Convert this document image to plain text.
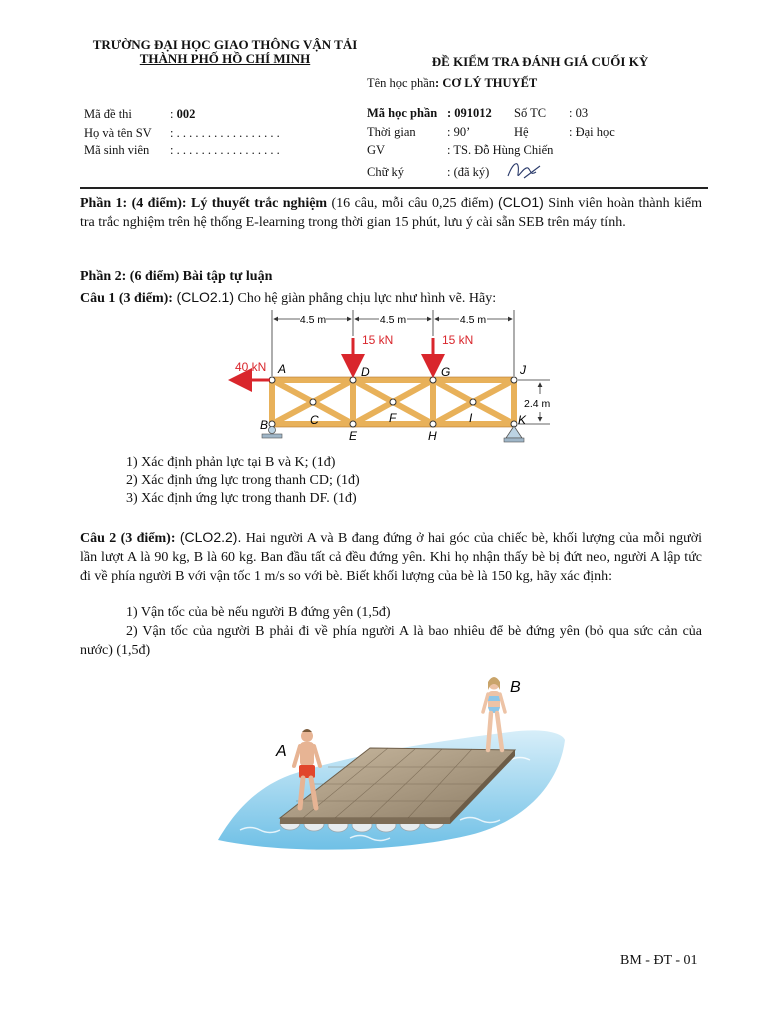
TRƯỜNG ĐẠI HỌC GIAO THÔNG VẬN TẢI
THÀNH PHỐ HỒ CHÍ MINH	ĐỀ KIỂM TRA ĐÁNH GIÁ CUỐI KỲ
Tên học phần: CƠ LÝ THUYẾT
Mã đề thi	: 002
Họ và tên SV : . . . . . . . . . . . . . . . . .
Mã sinh viên : . . . . . . . . . . . . . . . . .
Mã học phần : 091012 Số TC : 03
Thời gian	: 90’	Hệ	: Đại học
GV	: TS. Đỗ Hùng Chiến
Chữ ký	: (đã ký)
Phần 1: (4 điểm): Lý thuyết trắc nghiệm (16 câu, mỗi câu 0,25 điểm) (CLO1) Sinh viên hoàn thành kiểm tra trắc nghiệm trên hệ thống E-learning trong thời gian 15 phút, lưu ý cài sẵn SEB trên máy tính.
Phần 2: (6 điểm) Bài tập tự luận
Câu 1 (3 điểm): (CLO2.1) Cho hệ giàn phẳng chịu lực như hình vẽ. Hãy:
4.5 m	4.5 m	4.5 m
2.4 m
40 kN
15 kN	15 kN
A	D	G	J
B	C
E
F
H
I	K
1) Xác định phản lực tại B và K; (1đ)
2) Xác định ứng lực trong thanh CD; (1đ)
3) Xác định ứng lực trong thanh DF. (1đ)
Câu 2 (3 điểm): (CLO2.2). Hai người A và B đang đứng ở hai góc của chiếc bè, khối lượng của mỗi người lần lượt A là 90 kg, B là 60 kg. Ban đầu tất cả đều đứng yên. Khi họ nhận thấy bè bị đứt neo, người A lập tức đi về phía người B với vận tốc 1 m/s so với bè. Biết khối lượng của bè là 150 kg, hãy xác định:
1) Vận tốc của bè nếu người B đứng yên (1,5đ)
2) Vận tốc của người B phải đi về phía người A là bao nhiêu để bè đứng yên (bỏ qua sức cản của nước) (1,5đ)
A
B
BM - ĐT - 01
